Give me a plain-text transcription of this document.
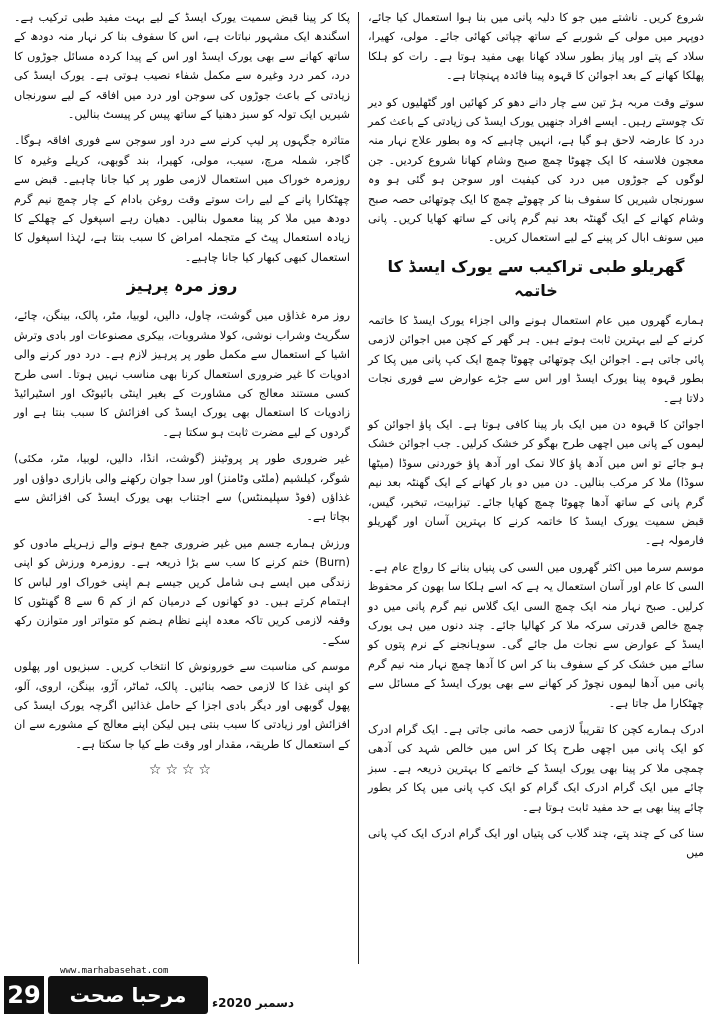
شروع کریں۔ ناشتے میں جو کا دلیہ پانی میں بنا ہوا استعمال کیا جائے، دوپہر میں مولی کے شوربے کے ساتھ چپاتی کھائی جائے۔ مولی، کھیرا، سلاد کے پتے اور پیاز بطور سلاد کھانا بھی مفید ہوتا ہے۔ رات کو ہلکا پھلکا کھانے کے بعد اجوائن کا قہوہ پینا فائدہ پہنچاتا ہے۔

سوتے وقت مربہ ہڑ تین سے چار دانے دھو کر کھائیں اور گٹھلیوں کو دیر تک چوستے رہیں۔ ایسے افراد جنھیں یورک ایسڈ کی زیادتی کے باعث کمر درد کا عارضہ لاحق ہو گیا ہے، انہیں چاہیے کہ وہ بطور علاج نہار منہ معجون فلاسفہ کا ایک چھوٹا چمچ صبح وشام کھانا شروع کردیں۔ جن لوگوں کے جوڑوں میں درد کی کیفیت اور سوجن ہو گئی ہو وہ سورنجاں شیریں کا سفوف بنا کر چھوٹے چمچ کا ایک چوتھائی حصہ صبح وشام کھانے کے ایک گھنٹہ بعد نیم گرم پانی کے ساتھ کھایا کریں۔ پانی میں سونف ابال کر پینے کے لیے استعمال کریں۔

گھریلو طبی تراکیب سے یورک ایسڈ کا خاتمہ

ہمارے گھروں میں عام استعمال ہونے والی اجزاء یورک ایسڈ کا خاتمہ کرنے کے لیے بہترین ثابت ہوتے ہیں۔ ہر گھر کے کچن میں اجوائن لازمی پائی جاتی ہے۔ اجوائن ایک چوتھائی چھوٹا چمچ ایک کپ پانی میں پکا کر بطور قہوہ پینا یورک ایسڈ اور اس سے جڑے عوارض سے فوری نجات دلاتا ہے۔

اجوائن کا قہوہ دن میں ایک بار پینا کافی ہوتا ہے۔ ایک پاؤ اجوائن کو لیموں کے پانی میں اچھی طرح بھگو کر خشک کرلیں۔ جب اجوائن خشک ہو جائے تو اس میں آدھ پاؤ کالا نمک اور آدھ پاؤ خوردنی سوڈا (میٹھا سوڈا) ملا کر مرکب بنالیں۔ دن میں دو بار کھانے کے ایک گھنٹہ بعد نیم گرم پانی کے ساتھ آدھا چھوٹا چمچ کھایا جائے۔ تیزابیت، تبخیر، گیس، قبض سمیت یورک ایسڈ کا خاتمہ کرنے کا بہترین آسان اور گھریلو فارمولہ ہے۔

موسم سرما میں اکثر گھروں میں السی کی پنیاں بنانے کا رواج عام ہے۔ السی کا عام اور آسان استعمال یہ ہے کہ اسے ہلکا سا بھون کر محفوظ کرلیں۔ صبح نہار منہ ایک چمچ السی ایک گلاس نیم گرم پانی میں دو چمچ خالص قدرتی سرکہ ملا کر کھالیا جائے۔ چند دنوں میں ہی یورک ایسڈ کے عوارض سے نجات مل جائے گی۔ سوہانجنے کے نرم پتوں کو سائے میں خشک کر کے سفوف بنا کر اس کا آدھا چمچ نہار منہ نیم گرم پانی میں آدھا لیموں نچوڑ کر کھانے سے بھی یورک ایسڈ کے مسائل سے چھٹکارا مل جاتا ہے۔

ادرک ہمارے کچن کا تقریباً لازمی حصہ مانی جاتی ہے۔ ایک گرام ادرک کو ایک پانی میں اچھی طرح پکا کر اس میں خالص شہد کی آدھی چمچی ملا کر پینا بھی یورک ایسڈ کے خاتمے کا بہترین ذریعہ ہے۔ سبز چائے میں ایک گرام ادرک ایک گرام کو ایک کپ پانی میں پکا کر بطور چائے پینا بھی بے حد مفید ثابت ہوتا ہے۔

سنا کی کے چند پتے، چند گلاب کی پتیاں اور ایک گرام ادرک ایک کپ پانی میں

پکا کر پینا قبض سمیت یورک ایسڈ کے لیے بہت مفید طبی ترکیب ہے۔ اسگندھ ایک مشہور نباتات ہے، اس کا سفوف بنا کر نہار منہ دودھ کے ساتھ کھانے سے بھی یورک ایسڈ اور اس کے پیدا کردہ مسائل جوڑوں کا درد، کمر درد وغیرہ سے مکمل شفاء نصیب ہوتی ہے۔ یورک ایسڈ کی زیادتی کے باعث جوڑوں کی سوجن اور درد میں افاقہ کے لیے سورنجاں شیریں ایک تولہ کو سبز دھنیا کے ساتھ پیس کر پیسٹ بنالیں۔

متاثرہ جگہوں پر لیپ کرنے سے درد اور سوجن سے فوری افاقہ ہوگا۔ گاجر، شملہ مرچ، سیب، مولی، کھیرا، بند گوبھی، کریلے وغیرہ کا روزمرہ خوراک میں استعمال لازمی طور پر کیا جانا چاہیے۔ قبض سے چھٹکارا پانے کے لیے رات سوتے وقت روغن بادام کے چار چمچ نیم گرم دودھ میں ملا کر پینا معمول بنالیں۔ دھیان رہے اسپغول کے چھلکے کا زیادہ استعمال پیٹ کے متجملہ امراض کا سبب بنتا ہے، لہٰذا اسپغول کا استعمال کبھی کبھار کیا جانا چاہیے۔

روز مرہ پرہیز

روز مرہ غذاؤں میں گوشت، چاول، دالیں، لوبیا، مٹر، پالک، بینگن، چائے، سگریٹ وشراب نوشی، کولا مشروبات، بیکری مصنوعات اور بادی وترش اشیا کے استعمال سے مکمل طور پر پرہیز لازم ہے۔ درد دور کرنے والی ادویات کا غیر ضروری استعمال کرنا بھی مناسب نہیں ہوتا۔ اسی طرح کسی مستند معالج کی مشاورت کے بغیر اینٹی بائیوٹک اور اسٹیرائیڈ زادویات کا استعمال بھی یورک ایسڈ کی افزائش کا سبب بنتا ہے اور گردوں کے لیے مضرت ثابت ہو سکتا ہے۔

غیر ضروری طور پر پروٹینز (گوشت، انڈا، دالیں، لوبیا، مٹر، مکئی) شوگر، کیلشیم (ملٹی وٹامنز) اور سدا جوان رکھنے والی بازاری دواؤں اور غذاؤں (فوڈ سپلیمنٹس) سے اجتناب بھی یورک ایسڈ کی افزائش سے بچاتا ہے۔

ورزش ہمارے جسم میں غیر ضروری جمع ہونے والے زہریلے مادوں کو (Burn) ختم کرنے کا سب سے بڑا ذریعہ ہے۔ روزمرہ ورزش کو اپنی زندگی میں ایسے ہی شامل کریں جیسے ہم اپنی خوراک اور لباس کا اہتمام کرتے ہیں۔ دو کھانوں کے درمیان کم از کم 6 سے 8 گھنٹوں کا وقفہ لازمی کریں تاکہ معدہ اپنے نظام ہضم کو متواتر اور متوازن رکھ سکے۔

موسم کی مناسبت سے خورونوش کا انتخاب کریں۔ سبزیوں اور پھلوں کو اپنی غذا کا لازمی حصہ بنائیں۔ پالک، ٹماٹر، آڑو، بینگن، اروی، آلو، پھول گوبھی اور دیگر بادی اجزا کے حامل غذائیں اگرچہ یورک ایسڈ کی افزائش اور زیادتی کا سبب بنتی ہیں لیکن اپنے معالج کے مشورے سے ان کے استعمال کا طریقہ، مقدار اور وقت طے کیا جا سکتا ہے۔

☆☆☆☆
www.marhabasehat.com
29	مرحبا صحت	دسمبر 2020ء
